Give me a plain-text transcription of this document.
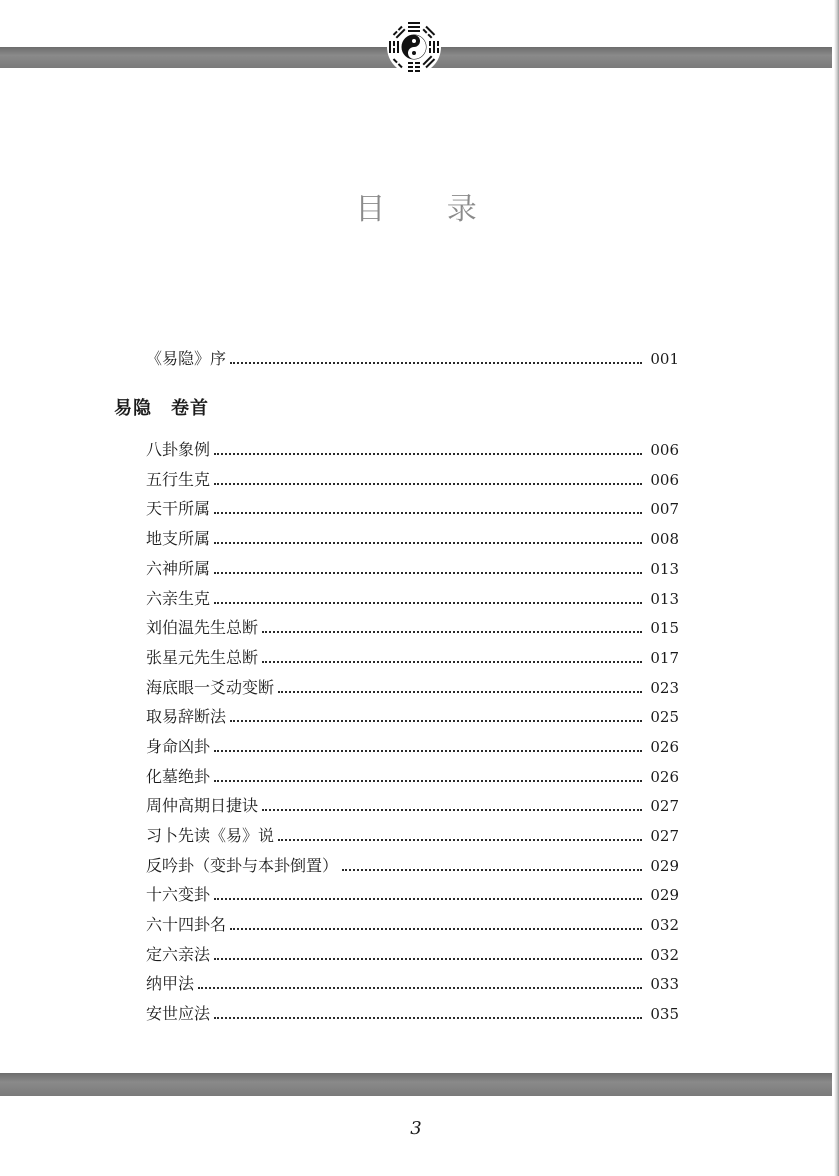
目 录
《易隐》序	001
易隐　卷首
八卦象例	006
五行生克	006
天干所属	007
地支所属	008
六神所属	013
六亲生克	013
刘伯温先生总断	015
张星元先生总断	017
海底眼一爻动变断	023
取易辞断法	025
身命凶卦	026
化墓绝卦	026
周仲高期日捷诀	027
习卜先读《易》说	027
反吟卦（变卦与本卦倒置）	029
十六变卦	029
六十四卦名	032
定六亲法	032
纳甲法	033
安世应法	035
3
